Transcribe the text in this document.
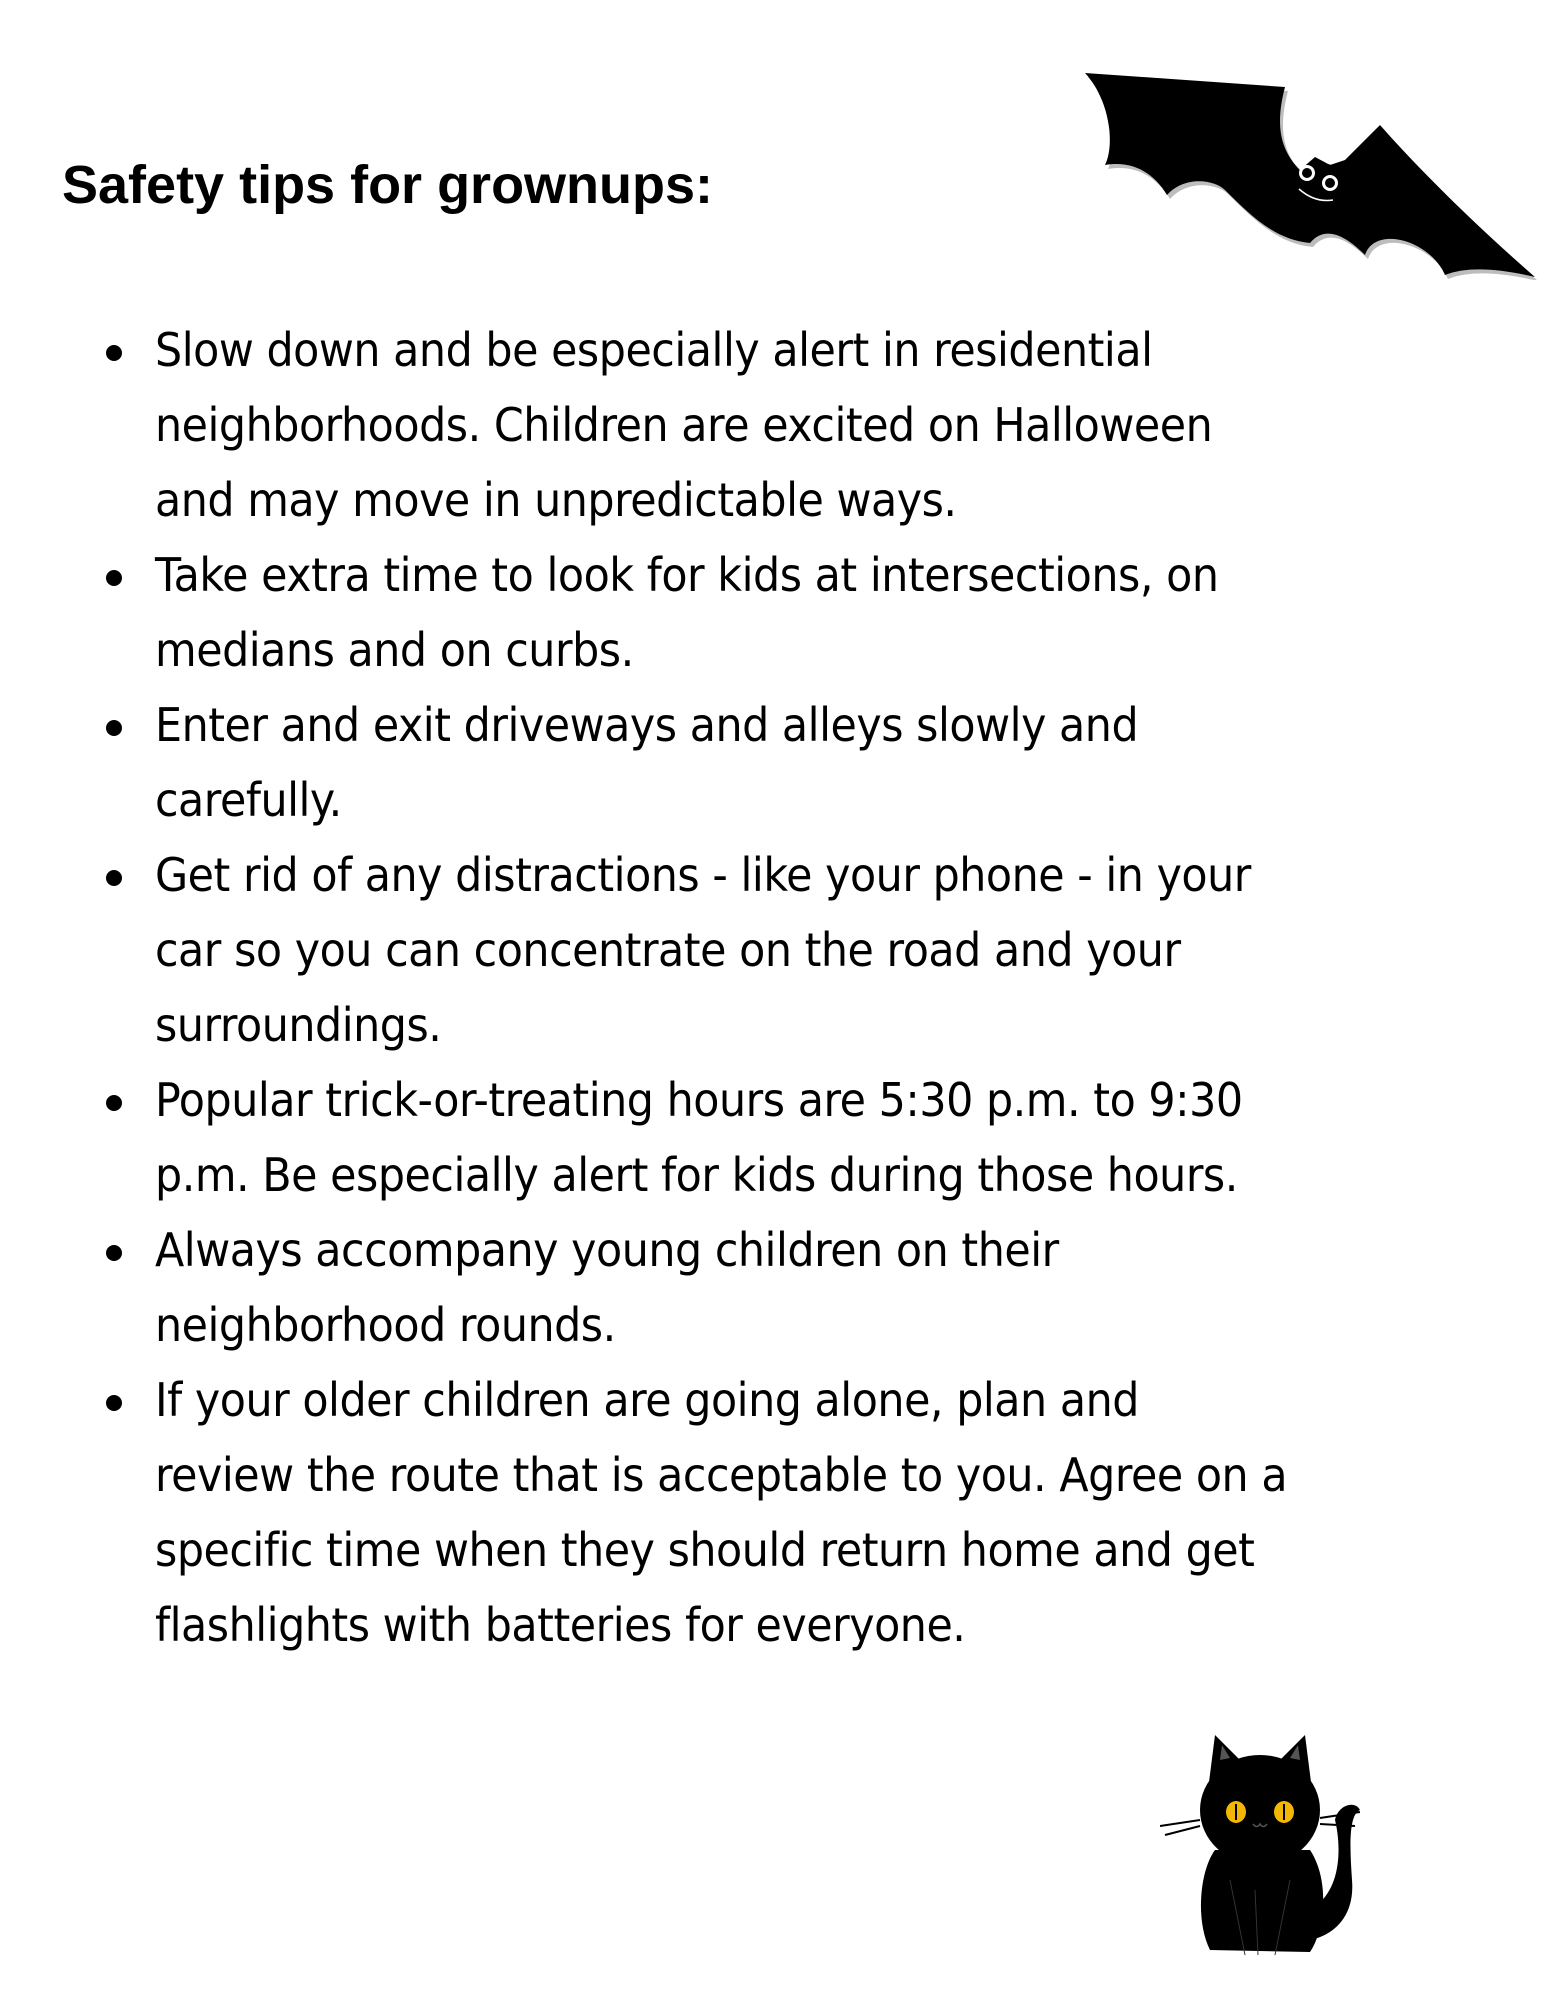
Safety tips for grownups:
Slow down and be especially alert in residential
neighborhoods. Children are excited on Halloween
and may move in unpredictable ways.
Take extra time to look for kids at intersections, on
medians and on curbs.
Enter and exit driveways and alleys slowly and
carefully.
Get rid of any distractions - like your phone - in your
car so you can concentrate on the road and your
surroundings.
Popular trick-or-treating hours are 5:30 p.m. to 9:30
p.m. Be especially alert for kids during those hours.
Always accompany young children on their
neighborhood rounds.
If your older children are going alone, plan and
review the route that is acceptable to you. Agree on a
specific time when they should return home and get
flashlights with batteries for everyone.
